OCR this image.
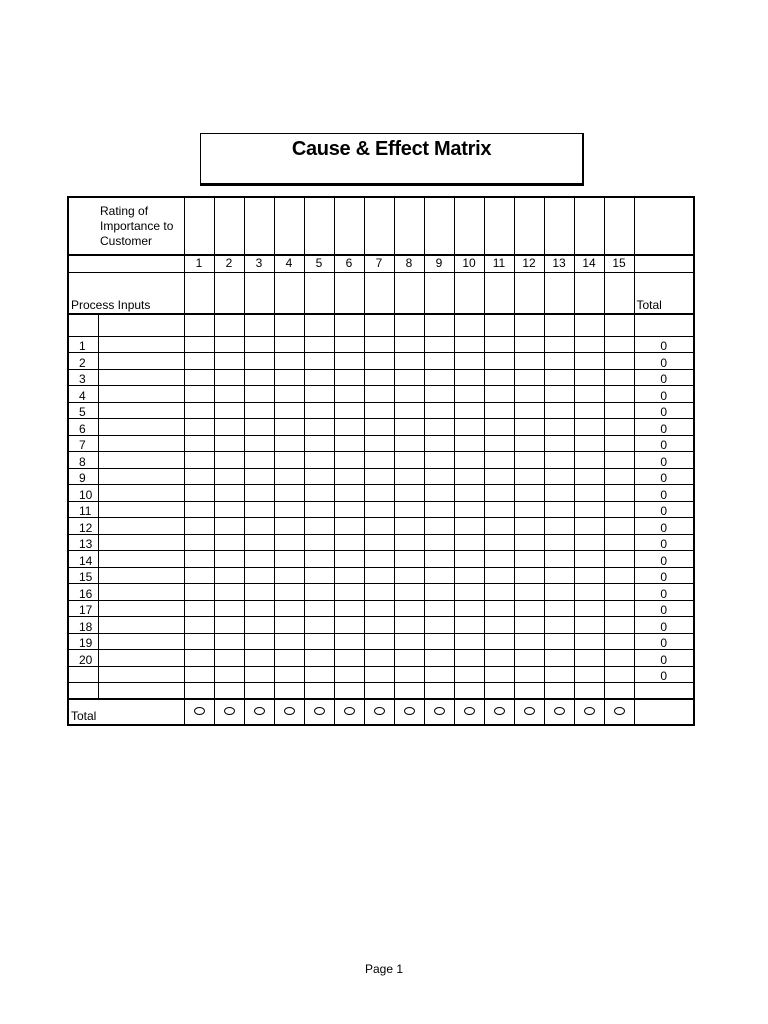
Cause & Effect Matrix
Rating of Importance to Customer																	
		1	2	3	4	5	6	7	8	9	10	11	12	13	14	15	
Process Inputs																	Total

1																	0
2																	0
3																	0
4																	0
5																	0
6																	0
7																	0
8																	0
9																	0
10																	0
11																	0
12																	0
13																	0
14																	0
15																	0
16																	0
17																	0
18																	0
19																	0
20																	0
																	0

Total																	
Page 1
